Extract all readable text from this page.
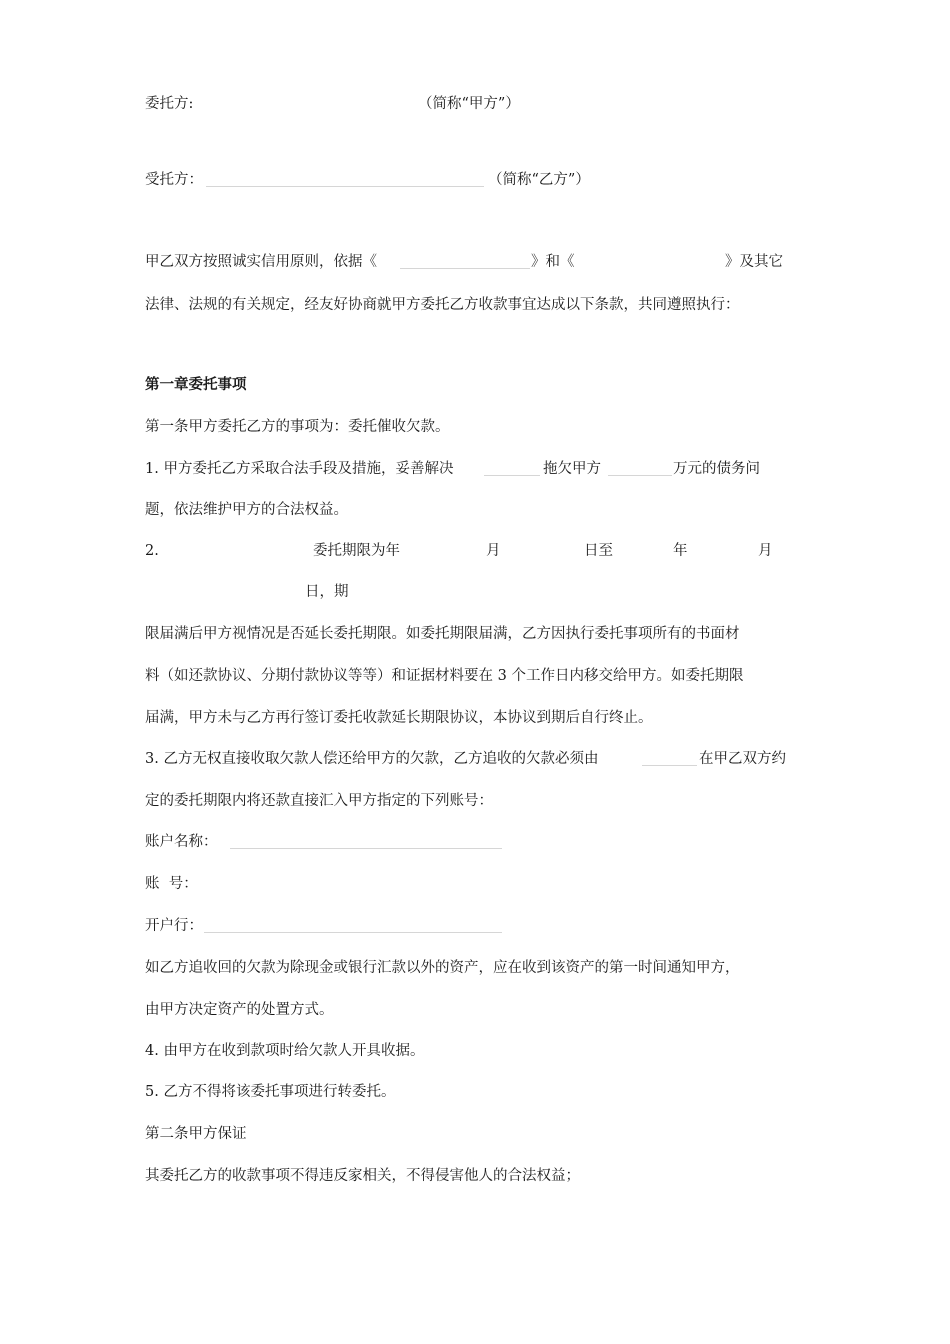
委托方:	（简称“甲方”）
受托方：	（简称“乙方”）
甲乙双方按照诚实信用原则，依据《	》和《	》及其它
法律、法规的有关规定，经友好协商就甲方委托乙方收款事宜达成以下条款，共同遵照执行：
第一章委托事项
第一条甲方委托乙方的事项为：委托催收欠款。
1. 甲方委托乙方采取合法手段及措施，妥善解决	拖欠甲方	万元的债务问
题，依法维护甲方的合法权益。
2.	委托期限为年	月	日至	年	月
日，期
限届满后甲方视情况是否延长委托期限。如委托期限届满，乙方因执行委托事项所有的书面材
料（如还款协议、分期付款协议等等）和证据材料要在 3 个工作日内移交给甲方。如委托期限
届满，甲方未与乙方再行签订委托收款延长期限协议，本协议到期后自行终止。
3. 乙方无权直接收取欠款人偿还给甲方的欠款，乙方追收的欠款必须由	在甲乙双方约
定的委托期限内将还款直接汇入甲方指定的下列账号：
账户名称：
账  号：
开户行：
如乙方追收回的欠款为除现金或银行汇款以外的资产，应在收到该资产的第一时间通知甲方，
由甲方决定资产的处置方式。
4. 由甲方在收到款项时给欠款人开具收据。
5. 乙方不得将该委托事项进行转委托。
第二条甲方保证
其委托乙方的收款事项不得违反家相关，不得侵害他人的合法权益；
